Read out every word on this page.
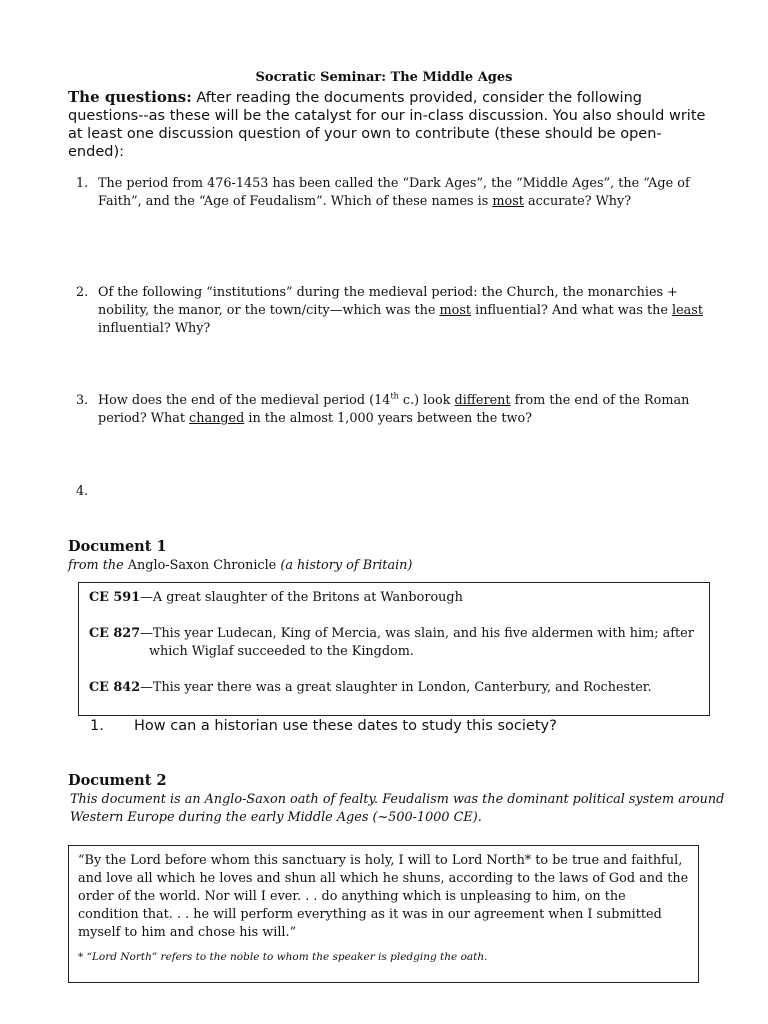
Socratic Seminar: The Middle Ages
The questions: After reading the documents provided, consider the following questions--as these will be the catalyst for our in-class discussion. You also should write at least one discussion question of your own to contribute (these should be open-ended):
1. The period from 476-1453 has been called the “Dark Ages”, the “Middle Ages”, the “Age of Faith”, and the “Age of Feudalism”. Which of these names is most accurate? Why?
2. Of the following “institutions” during the medieval period: the Church, the monarchies + nobility, the manor, or the town/city—which was the most influential? And what was the least influential? Why?
3. How does the end of the medieval period (14th c.) look different from the end of the Roman period? What changed in the almost 1,000 years between the two?
4.
Document 1
from the Anglo-Saxon Chronicle (a history of Britain)
CE 591—A great slaughter of the Britons at Wanborough
CE 827—This year Ludecan, King of Mercia, was slain, and his five aldermen with him; after
which Wiglaf succeeded to the Kingdom.
CE 842—This year there was a great slaughter in London, Canterbury, and Rochester.
1. How can a historian use these dates to study this society?
Document 2
This document is an Anglo-Saxon oath of fealty. Feudalism was the dominant political system around Western Europe during the early Middle Ages (~500-1000 CE).
“By the Lord before whom this sanctuary is holy, I will to Lord North* to be true and faithful, and love all which he loves and shun all which he shuns, according to the laws of God and the order of the world. Nor will I ever. . . do anything which is unpleasing to him, on the condition that. . . he will perform everything as it was in our agreement when I submitted myself to him and chose his will.”
* “Lord North” refers to the noble to whom the speaker is pledging the oath.
